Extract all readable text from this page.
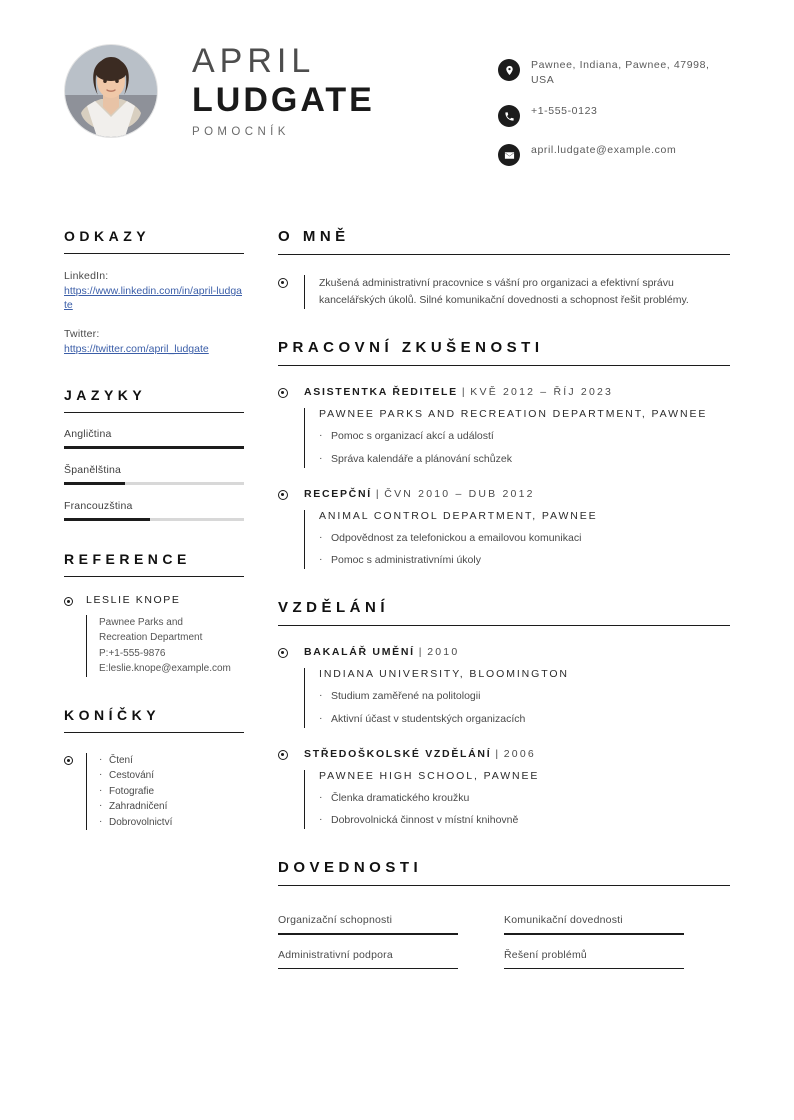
APRIL
LUDGATE
POMOCNÍK
Pawnee, Indiana, Pawnee, 47998, USA
+1-555-0123
april.ludgate@example.com
ODKAZY
LinkedIn:
https://www.linkedin.com/in/april-ludgate
Twitter:
https://twitter.com/april_ludgate
JAZYKY
Angličtina
Španělština
Francouzština
REFERENCE
LESLIE KNOPE
Pawnee Parks and
Recreation Department
P:+1-555-9876
E:leslie.knope@example.com
KONÍČKY
· Čtení
· Cestování
· Fotografie
· Zahradničení
· Dobrovolnictví
O MNĚ
Zkušená administrativní pracovnice s vášní pro organizaci a efektivní správu kancelářských úkolů. Silné komunikační dovednosti a schopnost řešit problémy.
PRACOVNÍ ZKUŠENOSTI
ASISTENTKA ŘEDITELE | KVĚ 2012 – ŘÍJ 2023
PAWNEE PARKS AND RECREATION DEPARTMENT, PAWNEE
· Pomoc s organizací akcí a událostí
· Správa kalendáře a plánování schůzek
RECEPČNÍ | ČVN 2010 – DUB 2012
ANIMAL CONTROL DEPARTMENT, PAWNEE
· Odpovědnost za telefonickou a emailovou komunikaci
· Pomoc s administrativními úkoly
VZDĚLÁNÍ
BAKALÁŘ UMĚNÍ | 2010
INDIANA UNIVERSITY, BLOOMINGTON
· Studium zaměřené na politologii
· Aktivní účast v studentských organizacích
STŘEDOŠKOLSKÉ VZDĚLÁNÍ | 2006
PAWNEE HIGH SCHOOL, PAWNEE
· Členka dramatického kroužku
· Dobrovolnická činnost v místní knihovně
DOVEDNOSTI
Organizační schopnosti	Komunikační dovednosti
Administrativní podpora	Řešení problémů
